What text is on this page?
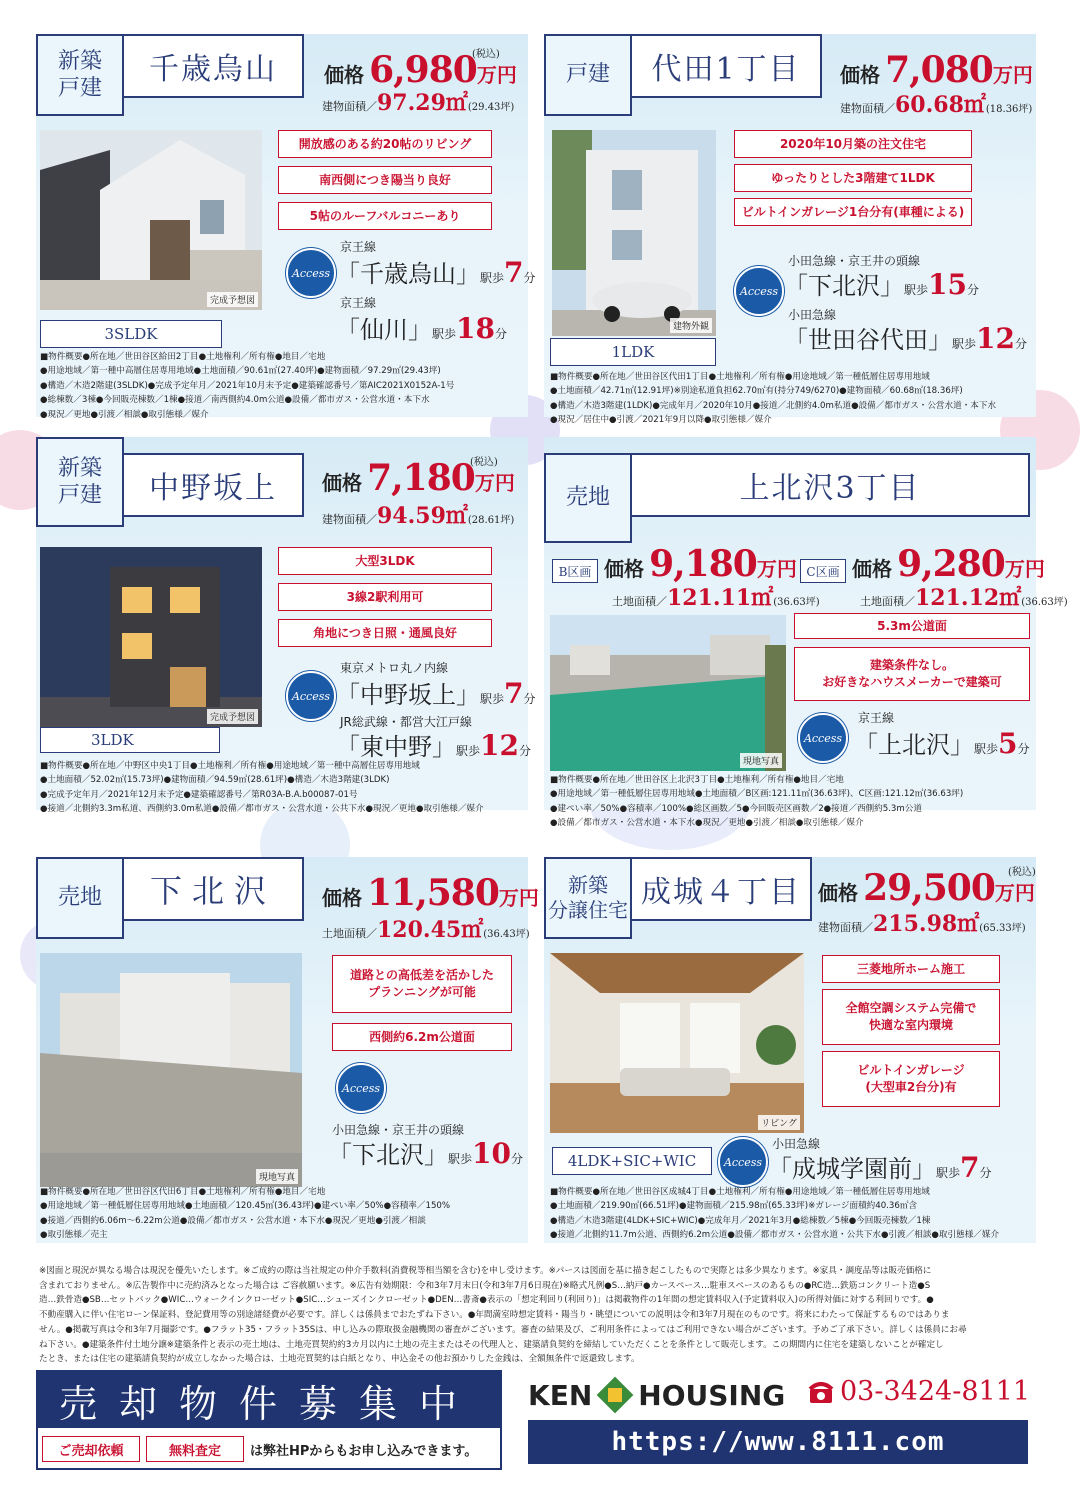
新築
戸建
千歳烏山	価格 6,980万円
(税込)
建物面積／97.29㎡(29.43坪)
完成予想図
開放感のある約20帖のリビング
南西側につき陽当り良好
5帖のルーフバルコニーあり
Access
京王線
「千歳烏山」駅歩7分
京王線
「仙川」駅歩18分
3SLDK
■物件概要●所在地／世田谷区給田2丁目●土地権利／所有権●地目／宅地
●用途地域／第一種中高層住居専用地域●土地面積／90.61㎡(27.40坪)●建物面積／97.29㎡(29.43坪)
●構造／木造2階建(3SLDK)●完成予定年月／2021年10月末予定●建築確認番号／第AIC2021X0152A-1号
●総棟数／3棟●今回販売棟数／1棟●接道／南西側約4.0m公道●設備／都市ガス・公営水道・本下水
●現況／更地●引渡／相談●取引態様／媒介
戸建	代田1丁目	価格 7,080万円
建物面積／60.68㎡(18.36坪)
建物外観
2020年10月築の注文住宅
ゆったりとした3階建て1LDK
ビルトインガレージ1台分有(車種による)
Access
小田急線・京王井の頭線
「下北沢」駅歩15分
小田急線
「世田谷代田」駅歩12分
1LDK
■物件概要●所在地／世田谷区代田1丁目●土地権利／所有権●用途地域／第一種低層住居専用地域
●土地面積／42.71㎡(12.91坪)※別途私道負担62.70㎡有(持分749/6270)●建物面積／60.68㎡(18.36坪)
●構造／木造3階建(1LDK)●完成年月／2020年10月●接道／北側約4.0m私道●設備／都市ガス・公営水道・本下水
●現況／居住中●引渡／2021年9月以降●取引態様／媒介
新築
戸建	中野坂上	価格 7,180万円
(税込)
建物面積／94.59㎡(28.61坪)
完成予想図
大型3LDK
3線2駅利用可
角地につき日照・通風良好
Access
東京メトロ丸ノ内線
「中野坂上」駅歩7分
JR総武線・都営大江戸線
「東中野」駅歩12分
3LDK
■物件概要●所在地／中野区中央1丁目●土地権利／所有権●用途地域／第一種中高層住居専用地域
●土地面積／52.02㎡(15.73坪)●建物面積／94.59㎡(28.61坪)●構造／木造3階建(3LDK)
●完成予定年月／2021年12月末予定●建築確認番号／第R03A-B.A.b00087-01号
●接道／北側約3.3m私道、西側約3.0m私道●設備／都市ガス・公営水道・公共下水●現況／更地●取引態様／媒介
売地	上北沢3丁目
B区画 価格 9,180万円
土地面積／121.11㎡(36.63坪)
C区画 価格 9,280万円
土地面積／121.12㎡(36.63坪)
現地写真
5.3m公道面
建築条件なし。
お好きなハウスメーカーで建築可
Access
京王線
「上北沢」駅歩5分
■物件概要●所在地／世田谷区上北沢3丁目●土地権利／所有権●地目／宅地
●用途地域／第一種低層住居専用地域●土地面積／B区画:121.11㎡(36.63坪)、C区画:121.12㎡(36.63坪)
●建ぺい率／50%●容積率／100%●総区画数／5●今回販売区画数／2●接道／西側約5.3m公道
●設備／都市ガス・公営水道・本下水●現況／更地●引渡／相談●取引態様／媒介
売地	下北沢	価格 11,580万円
土地面積／120.45㎡(36.43坪)
現地写真
道路との高低差を活かした
プランニングが可能
西側約6.2m公道面
Access
小田急線・京王井の頭線
「下北沢」駅歩10分
■物件概要●所在地／世田谷区代田6丁目●土地権利／所有権●地目／宅地
●用途地域／第一種低層住居専用地域●土地面積／120.45㎡(36.43坪)●建ぺい率／50%●容積率／150%
●接道／西側約6.06m～6.22m公道●設備／都市ガス・公営水道・本下水●現況／更地●引渡／相談
●取引態様／売主
新築
分譲住宅 成城４丁目 価格 29,500万円
(税込)
建物面積／215.98㎡(65.33坪)
リビング
三菱地所ホーム施工
全館空調システム完備で
快適な室内環境
ビルトインガレージ
(大型車2台分)有
4LDK+SIC+WIC	Access
小田急線
「成城学園前」駅歩7分
■物件概要●所在地／世田谷区成城4丁目●土地権利／所有権●用途地域／第一種低層住居専用地域
●土地面積／219.90㎡(66.51坪)●建物面積／215.98㎡(65.33坪)※ガレージ面積約40.36㎡含
●構造／木造3階建(4LDK+SIC+WIC)●完成年月／2021年3月●総棟数／5棟●今回販売棟数／1棟
●接道／北側約11.7m公道、西側約6.2m公道●設備／都市ガス・公営水道・公共下水●引渡／相談●取引態様／媒介
※図面と現況が異なる場合は現況を優先いたします。※ご成約の際は当社規定の仲介手数料(消費税等相当額を含む)を申し受けます。※パースは図面を基に描き起こしたもので実際とは多少異なります。※家具・調度品等は販売価格に
含まれておりません。※広告製作中に売約済みとなった場合は ご容赦願います。※広告有効期限：令和3年7月末日(令和3年7月6日現在)※略式凡例●S…納戸●カースペース…駐車スペースのあるもの●RC造…鉄筋コンクリート造●S
造…鉄骨造●SB…セットバック●WIC…ウォークインクローゼット●SIC…シューズインクローゼット●DEN…書斎●表示の「想定利回り(利回り)」は掲載物件の1年間の想定賃料収入(予定賃料収入)の所得対価に対する利回りです。●
不動産購入に伴い住宅ローン保証料、登記費用等の別途諸経費が必要です。詳しくは係員までおたずね下さい。●年間満室時想定賃料・陽当り・眺望についての説明は令和3年7月現在のものです。将来にわたって保証するものではありま
せん。●掲載写真は令和3年7月撮影です。●フラット35・フラット35Sは、申し込みの際取扱金融機関の審査がございます。審査の結果及び、ご利用条件によってはご利用できない場合がございます。予めご了承下さい。詳しくは係員にお尋
ね下さい。●建築条件付土地分譲※建築条件と表示の売土地は、土地売買契約約3カ月以内に土地の売主またはその代理人と、建築請負契約を締結していただくことを条件として販売します。この期間内に住宅を建築しないことが確定し
たとき、または住宅の建築請負契約が成立しなかった場合は、土地売買契約は白紙となり、申込金その他お預かりした金銭は、全額無条件で返還致します。
売却物件募集中
ご売却依頼	無料査定	は弊社HPからもお申し込みできます。
KEN HOUSING 03-3424-8111
https://www.8111.com
